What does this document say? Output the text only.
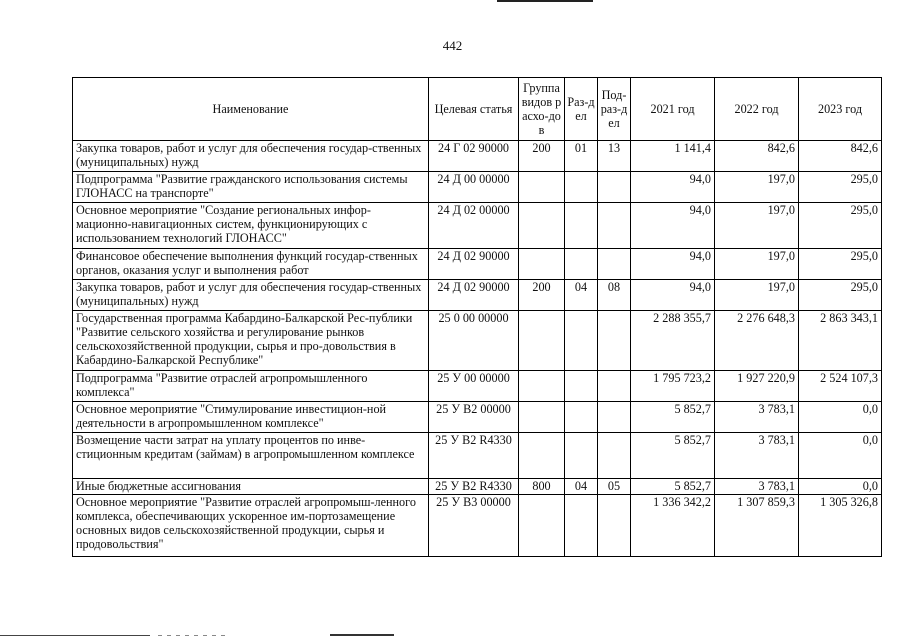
442
Наименование	Целевая статья	Группа видов расхо-дов	Раз-дел	Под-раз-дел	2021 год	2022 год	2023 год
Закупка товаров, работ и услуг для обеспечения государ-ственных (муниципальных) нужд	24 Г 02 90000	200	01	13	1 141,4	842,6	842,6
Подпрограмма "Развитие гражданского использования системы ГЛОНАСС на транспорте"	24 Д 00 00000				94,0	197,0	295,0
Основное мероприятие "Создание региональных инфор-мационно-навигационных систем, функционирующих с использованием технологий ГЛОНАСС"	24 Д 02 00000				94,0	197,0	295,0
Финансовое обеспечение выполнения функций государ-ственных органов, оказания услуг и выполнения работ	24 Д 02 90000				94,0	197,0	295,0
Закупка товаров, работ и услуг для обеспечения государ-ственных (муниципальных) нужд	24 Д 02 90000	200	04	08	94,0	197,0	295,0
Государственная программа Кабардино-Балкарской Рес-публики "Развитие сельского хозяйства и регулирование рынков сельскохозяйственной продукции, сырья и про-довольствия в Кабардино-Балкарской Республике"	25 0 00 00000				2 288 355,7	2 276 648,3	2 863 343,1
Подпрограмма "Развитие отраслей агропромышленного комплекса"	25 У 00 00000				1 795 723,2	1 927 220,9	2 524 107,3
Основное мероприятие "Стимулирование инвестицион-ной деятельности в агропромышленном комплексе"	25 У В2 00000				5 852,7	3 783,1	0,0
Возмещение части затрат на уплату процентов по инве-стиционным кредитам (займам) в агропромышленном комплексе	25 У В2 R4330				5 852,7	3 783,1	0,0
Иные бюджетные ассигнования	25 У В2 R4330	800	04	05	5 852,7	3 783,1	0,0
Основное мероприятие "Развитие отраслей агропромыш-ленного комплекса, обеспечивающих ускоренное им-портозамещение основных видов сельскохозяйственной продукции, сырья и продовольствия"	25 У В3 00000				1 336 342,2	1 307 859,3	1 305 326,8
